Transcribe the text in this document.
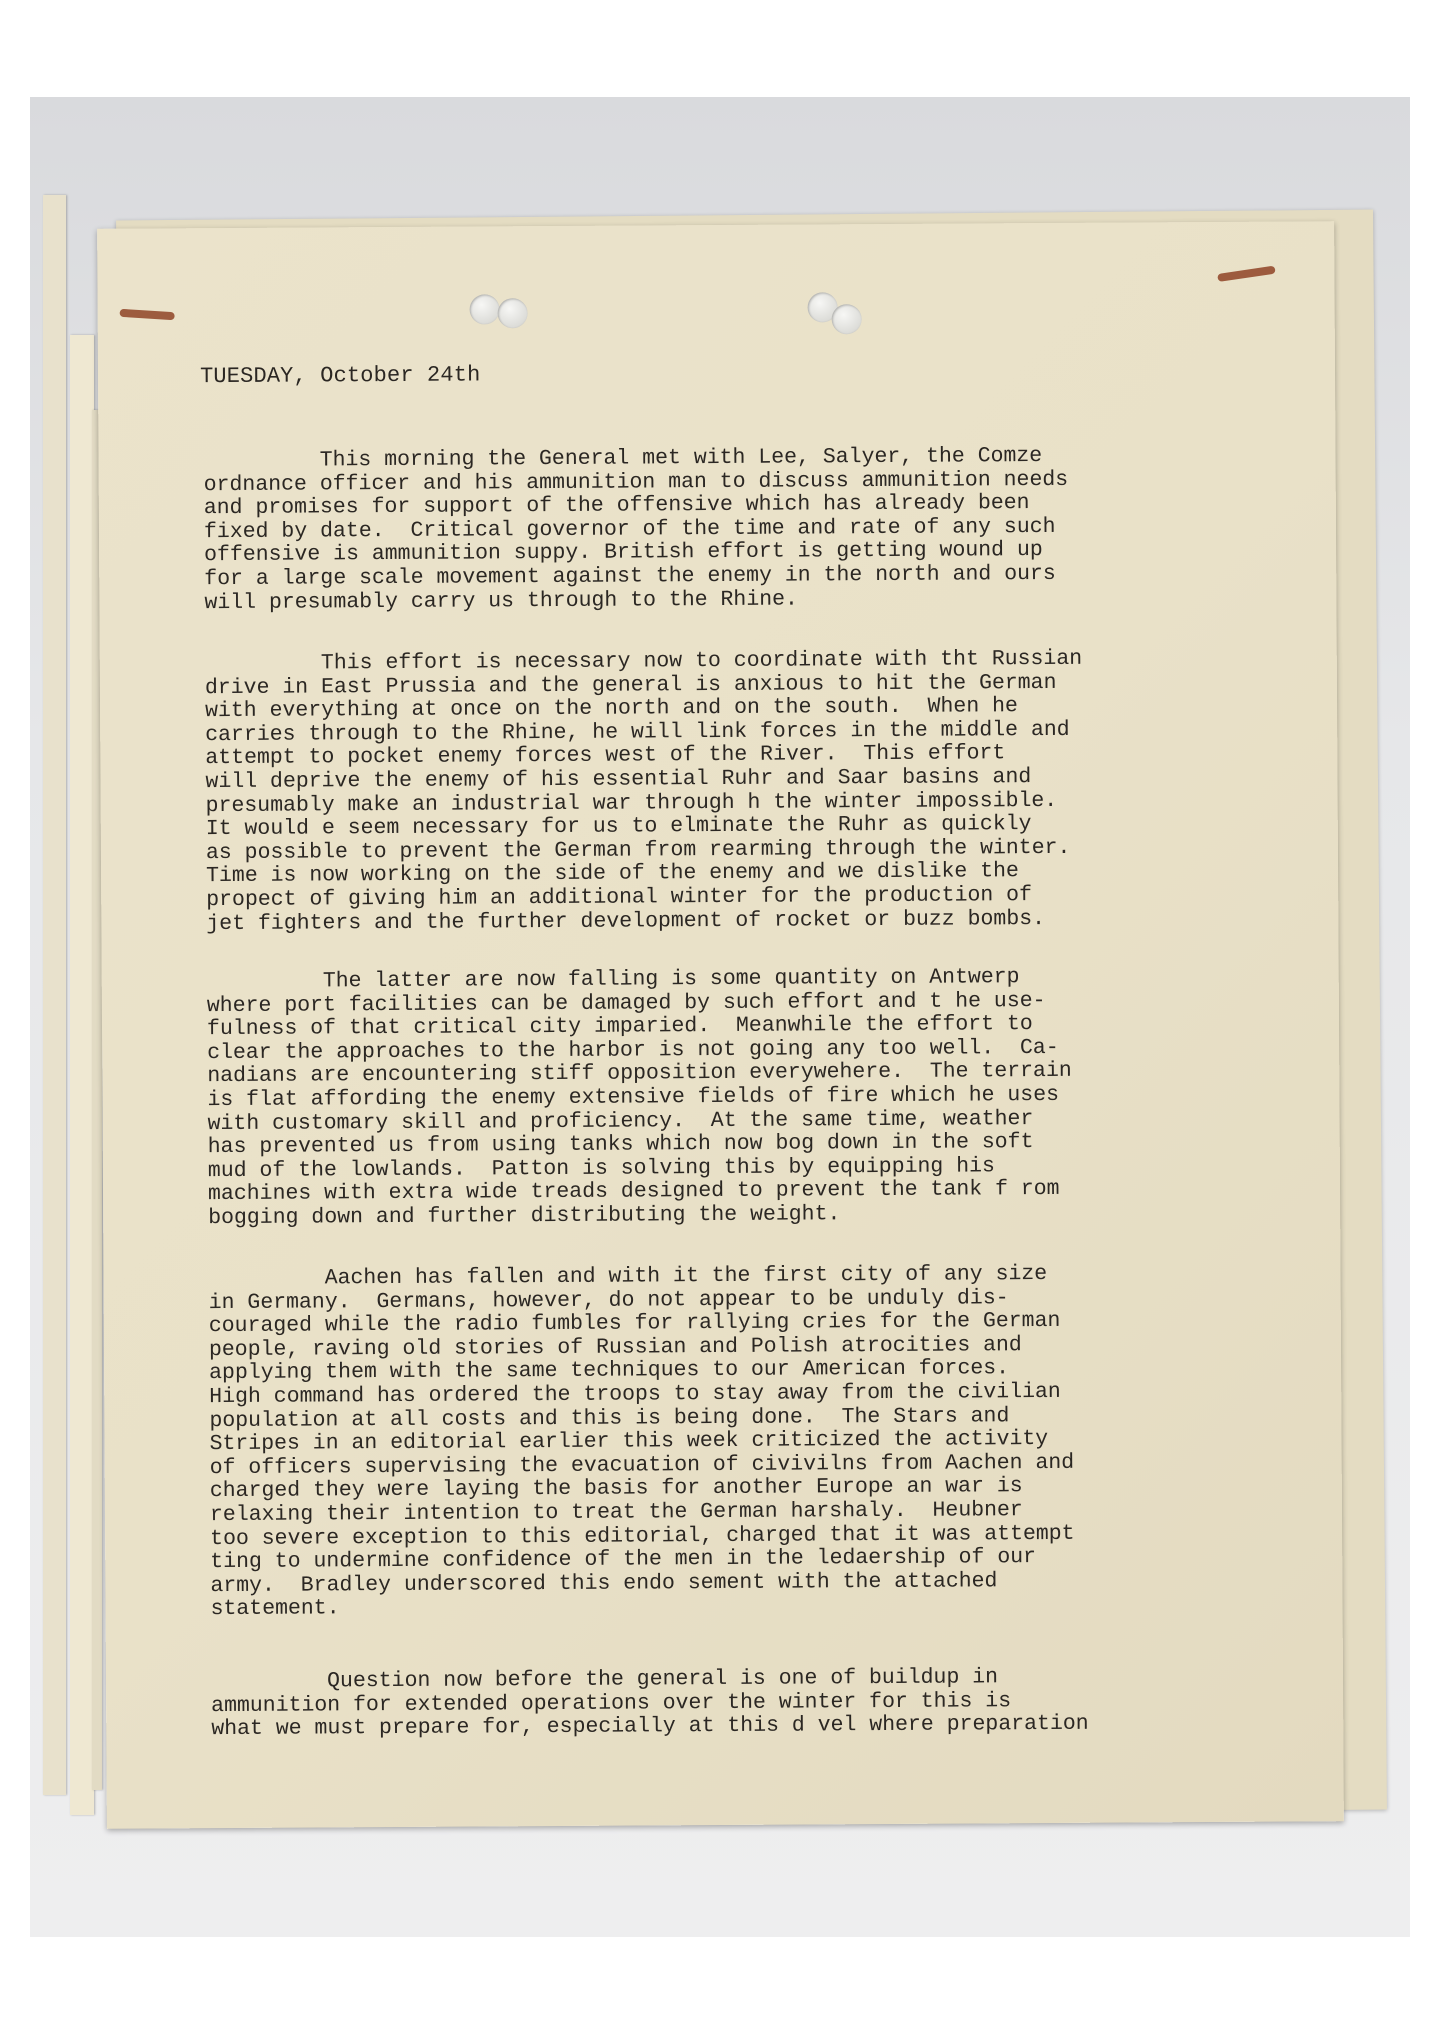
TUESDAY, October 24th
This morning the General met with Lee, Salyer, the Comze
ordnance officer and his ammunition man to discuss ammunition needs
and promises for support of the offensive which has already been
fixed by date.  Critical governor of the time and rate of any such
offensive is ammunition suppy. British effort is getting wound up
for a large scale movement against the enemy in the north and ours
will presumably carry us through to the Rhine.
This effort is necessary now to coordinate with tht Russian
drive in East Prussia and the general is anxious to hit the German
with everything at once on the north and on the south.  When he
carries through to the Rhine, he will link forces in the middle and
attempt to pocket enemy forces west of the River.  This effort
will deprive the enemy of his essential Ruhr and Saar basins and
presumably make an industrial war through h the winter impossible.
It would e seem necessary for us to elminate the Ruhr as quickly
as possible to prevent the German from rearming through the winter.
Time is now working on the side of the enemy and we dislike the
propect of giving him an additional winter for the production of
jet fighters and the further development of rocket or buzz bombs.
The latter are now falling is some quantity on Antwerp
where port facilities can be damaged by such effort and t he use-
fulness of that critical city imparied.  Meanwhile the effort to
clear the approaches to the harbor is not going any too well.  Ca-
nadians are encountering stiff opposition everywehere.  The terrain
is flat affording the enemy extensive fields of fire which he uses
with customary skill and proficiency.  At the same time, weather
has prevented us from using tanks which now bog down in the soft
mud of the lowlands.  Patton is solving this by equipping his
machines with extra wide treads designed to prevent the tank f rom
bogging down and further distributing the weight.
Aachen has fallen and with it the first city of any size
in Germany.  Germans, however, do not appear to be unduly dis-
couraged while the radio fumbles for rallying cries for the German
people, raving old stories of Russian and Polish atrocities and
applying them with the same techniques to our American forces.
High command has ordered the troops to stay away from the civilian
population at all costs and this is being done.  The Stars and
Stripes in an editorial earlier this week criticized the activity
of officers supervising the evacuation of civivilns from Aachen and
charged they were laying the basis for another Europe an war is
relaxing their intention to treat the German harshaly.  Heubner
too severe exception to this editorial, charged that it was attempt
ting to undermine confidence of the men in the ledaership of our
army.  Bradley underscored this endo sement with the attached
statement.
Question now before the general is one of buildup in
ammunition for extended operations over the winter for this is
what we must prepare for, especially at this d vel where preparation
